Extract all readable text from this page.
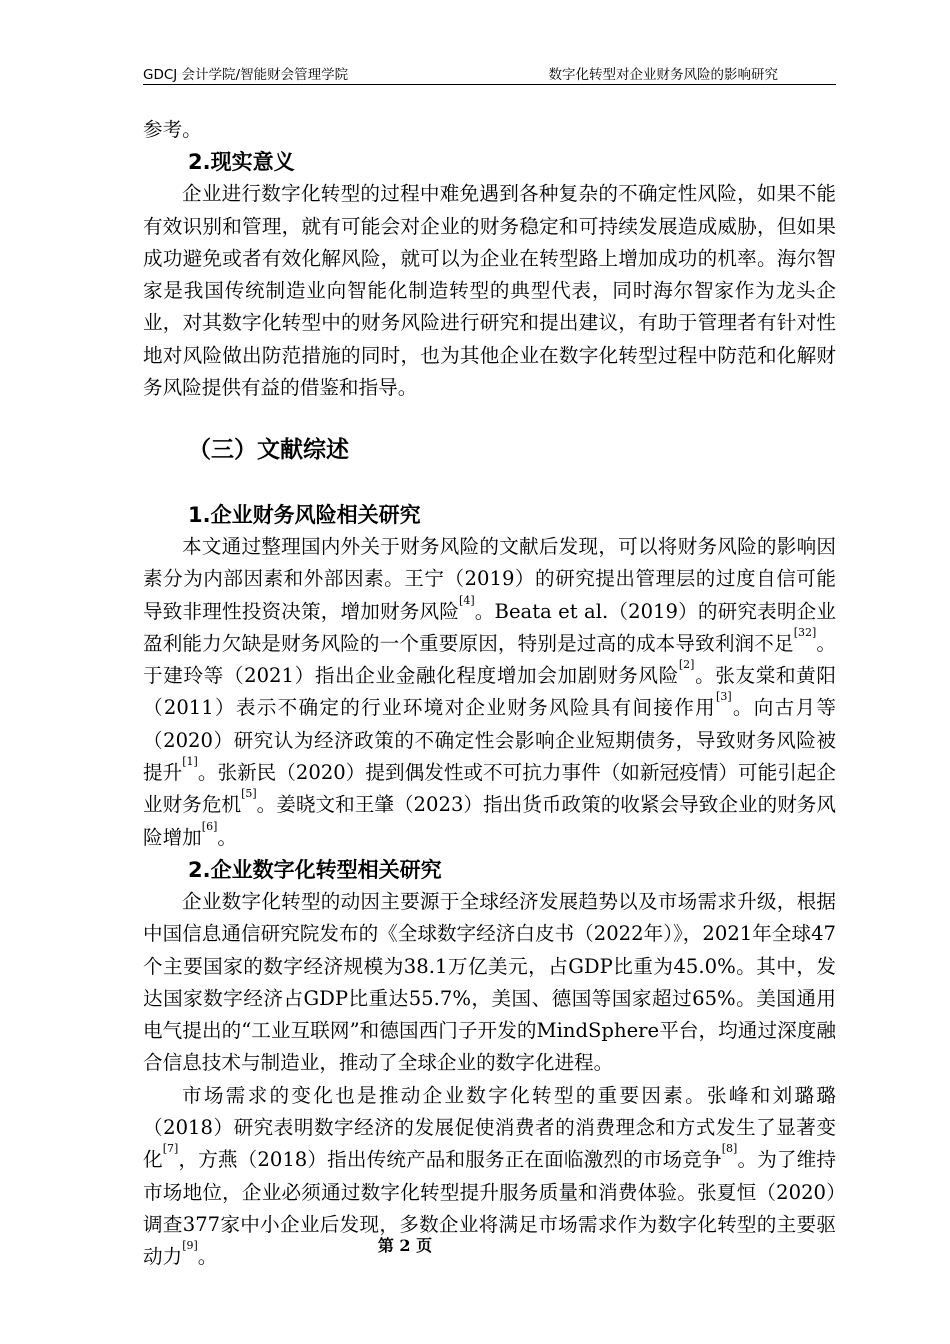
GDCJ 会计学院/智能财会管理学院	数字化转型对企业财务风险的影响研究

参考。

2.现实意义

企业进行数字化转型的过程中难免遇到各种复杂的不确定性风险，如果不能有效识别和管理，就有可能会对企业的财务稳定和可持续发展造成威胁，但如果成功避免或者有效化解风险，就可以为企业在转型路上增加成功的机率。海尔智家是我国传统制造业向智能化制造转型的典型代表，同时海尔智家作为龙头企业，对其数字化转型中的财务风险进行研究和提出建议，有助于管理者有针对性地对风险做出防范措施的同时，也为其他企业在数字化转型过程中防范和化解财务风险提供有益的借鉴和指导。

（三）文献综述
1.企业财务风险相关研究

本文通过整理国内外关于财务风险的文献后发现，可以将财务风险的影响因素分为内部因素和外部因素。王宁（2019）的研究提出管理层的过度自信可能导致非理性投资决策，增加财务风险[4]。Beata et al.（2019）的研究表明企业盈利能力欠缺是财务风险的一个重要原因，特别是过高的成本导致利润不足[32]。于建玲等（2021）指出企业金融化程度增加会加剧财务风险[2]。张友棠和黄阳（2011）表示不确定的行业环境对企业财务风险具有间接作用[3]。向古月等（2020）研究认为经济政策的不确定性会影响企业短期债务，导致财务风险被提升[1]。张新民（2020）提到偶发性或不可抗力事件（如新冠疫情）可能引起企业财务危机[5]。姜晓文和王肇（2023）指出货币政策的收紧会导致企业的财务风险增加[6]。

2.企业数字化转型相关研究

企业数字化转型的动因主要源于全球经济发展趋势以及市场需求升级，根据中国信息通信研究院发布的《全球数字经济白皮书（2022年）》，2021年全球47个主要国家的数字经济规模为38.1万亿美元，占GDP比重为45.0%。其中，发达国家数字经济占GDP比重达55.7%，美国、德国等国家超过65%。美国通用电气提出的“工业互联网”和德国西门子开发的MindSphere平台，均通过深度融合信息技术与制造业，推动了全球企业的数字化进程。

市场需求的变化也是推动企业数字化转型的重要因素。张峰和刘璐璐（2018）研究表明数字经济的发展促使消费者的消费理念和方式发生了显著变化[7]，方燕（2018）指出传统产品和服务正在面临激烈的市场竞争[8]。为了维持市场地位，企业必须通过数字化转型提升服务质量和消费体验。张夏恒（2020）调查377家中小企业后发现，多数企业将满足市场需求作为数字化转型的主要驱动力[9]。	第 2 页
